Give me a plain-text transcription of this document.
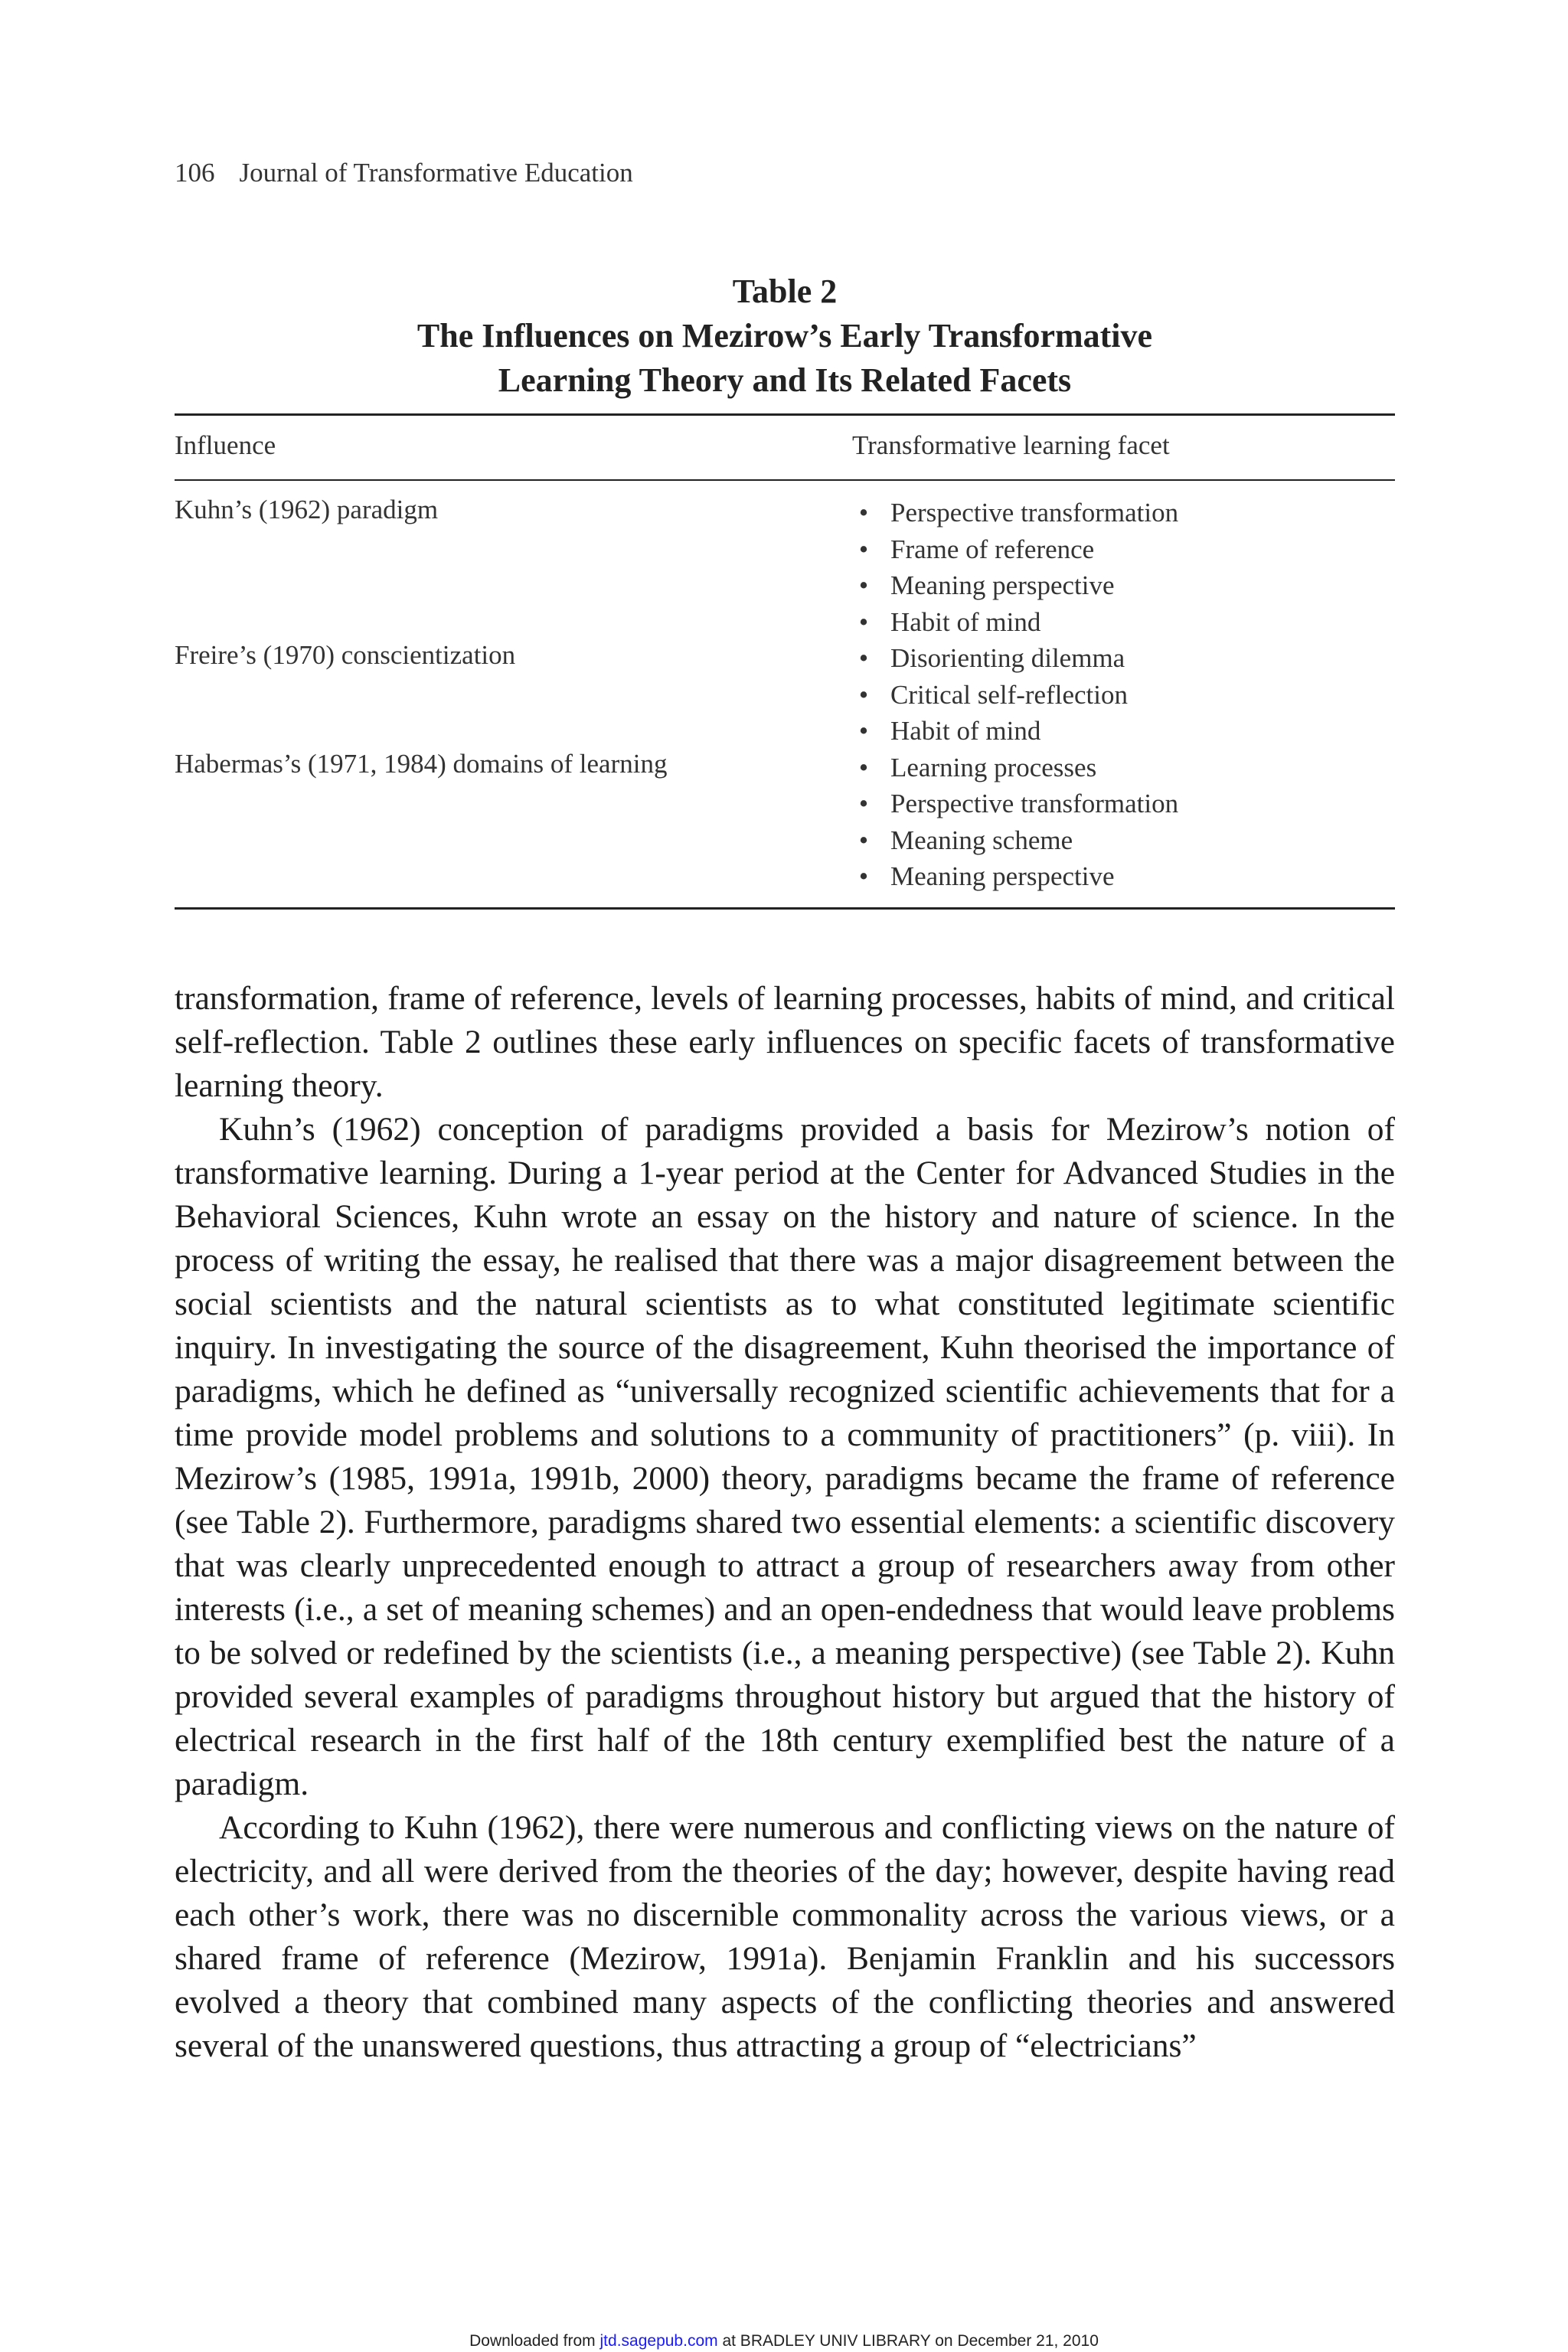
106 Journal of Transformative Education
Table 2
The Influences on Mezirow’s Early Transformative
Learning Theory and Its Related Facets
Influence	Transformative learning facet
Kuhn’s (1962) paradigm
Freire’s (1970) conscientization
Habermas’s (1971, 1984) domains of learning
• Perspective transformation
• Frame of reference
• Meaning perspective
• Habit of mind
• Disorienting dilemma
• Critical self-reflection
• Habit of mind
• Learning processes
• Perspective transformation
• Meaning scheme
• Meaning perspective

transformation, frame of reference, levels of learning processes, habits of mind, and critical self-reflection. Table 2 outlines these early influences on specific facets of transformative learning theory.

Kuhn’s (1962) conception of paradigms provided a basis for Mezirow’s notion of transformative learning. During a 1-year period at the Center for Advanced Studies in the Behavioral Sciences, Kuhn wrote an essay on the history and nature of science. In the process of writing the essay, he realised that there was a major disagreement between the social scientists and the natural scientists as to what constituted legitimate scientific inquiry. In investigating the source of the disagreement, Kuhn theorised the importance of paradigms, which he defined as “universally recognized scientific achievements that for a time provide model problems and solutions to a community of practitioners” (p. viii). In Mezirow’s (1985, 1991a, 1991b, 2000) theory, paradigms became the frame of reference (see Table 2). Furthermore, paradigms shared two essential elements: a scientific discovery that was clearly unprecedented enough to attract a group of researchers away from other interests (i.e., a set of meaning schemes) and an open-endedness that would leave problems to be solved or redefined by the scientists (i.e., a meaning perspective) (see Table 2). Kuhn provided several examples of paradigms throughout history but argued that the history of electrical research in the first half of the 18th century exemplified best the nature of a paradigm.

According to Kuhn (1962), there were numerous and conflicting views on the nature of electricity, and all were derived from the theories of the day; however, despite having read each other’s work, there was no discernible commonality across the various views, or a shared frame of reference (Mezirow, 1991a). Benjamin Franklin and his successors evolved a theory that combined many aspects of the conflicting theories and answered several of the unanswered questions, thus attracting a group of “electricians”

Downloaded from jtd.sagepub.com at BRADLEY UNIV LIBRARY on December 21, 2010
